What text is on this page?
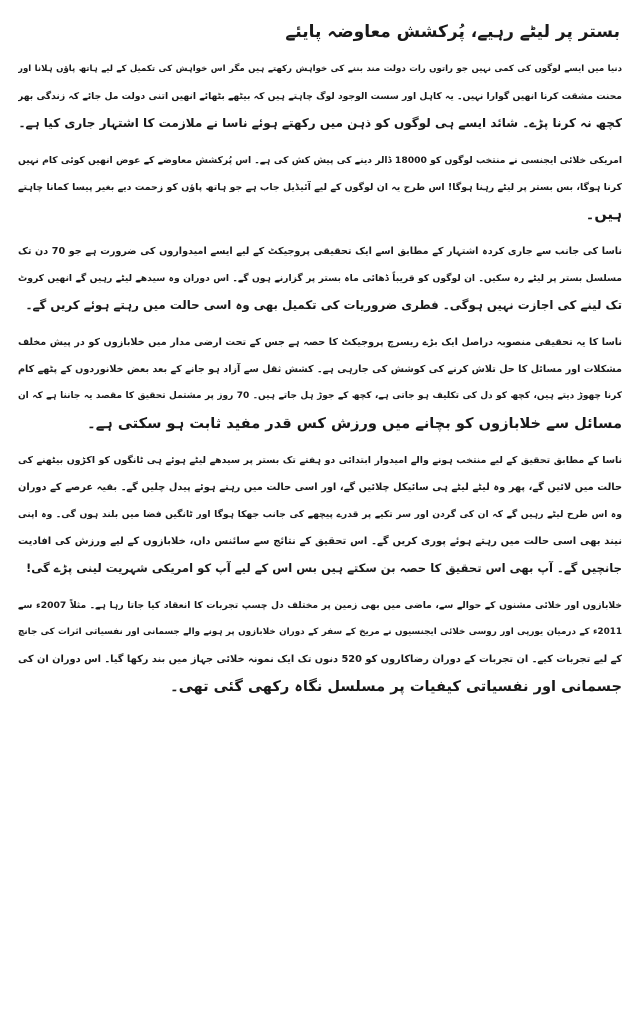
بستر پر لیٹے رہیے، پُرکشش معاوضہ پایئے
دنیا میں ایسے لوگوں کی کمی نہیں جو راتوں رات دولت مند بننے کی خواہش رکھتے ہیں مگر اس خواہش کی تکمیل کے لیے ہاتھ پاؤں ہلانا اور
محنت مشقت کرنا انھیں گوارا نہیں۔ یہ کاہل اور سست الوجود لوگ چاہتے ہیں کہ بیٹھے بٹھائے انھیں اتنی دولت مل جائے کہ زندگی بھر
کچھ نہ کرنا پڑے۔ شائد ایسے ہی لوگوں کو ذہن میں رکھتے ہوئے ناسا نے ملازمت کا اشتہار جاری کیا ہے۔
امریکی خلائی ایجنسی نے منتخب لوگوں کو 18000 ڈالر دینے کی پیش کش کی ہے۔ اس پُرکشش معاوضے کے عوض انھیں کوئی کام نہیں
کرنا ہوگا، بس بستر پر لیٹے رہنا ہوگا! اس طرح یہ ان لوگوں کے لیے آئیڈیل جاب ہے جو ہاتھ پاؤں کو زحمت دیے بغیر پیسا کمانا چاہتے
ہیں۔
ناسا کی جانب سے جاری کردہ اشتہار کے مطابق اسے ایک تحقیقی پروجیکٹ کے لیے ایسے امیدواروں کی ضرورت ہے جو 70 دن تک
مسلسل بستر پر لیٹے رہ سکیں۔ ان لوگوں کو قریباً ڈھائی ماہ بستر پر گزارنے ہوں گے۔ اس دوران وہ سیدھے لیٹے رہیں گے انھیں کروٹ
تک لینے کی اجازت نہیں ہوگی۔ فطری ضروریات کی تکمیل بھی وہ اسی حالت میں رہتے ہوئے کریں گے۔
ناسا کا یہ تحقیقی منصوبہ دراصل ایک بڑے ریسرچ پروجیکٹ کا حصہ ہے جس کے تحت ارضی مدار میں خلابازوں کو در پیش مخلف
مشکلات اور مسائل کا حل تلاش کرنے کی کوشش کی جارہی ہے۔ کشش ثقل سے آزاد ہو جانے کے بعد بعض خلانوردوں کے پٹھے کام
کرنا چھوڑ دیتے ہیں، کچھ کو دل کی تکلیف ہو جاتی ہے، کچھ کے جوڑ ہل جاتے ہیں۔ 70 روز پر مشتمل تحقیق کا مقصد یہ جاننا ہے کہ ان
مسائل سے خلابازوں کو بچانے میں ورزش کس قدر مفید ثابت ہو سکتی ہے۔
ناسا کے مطابق تحقیق کے لیے منتخب ہونے والے امیدوار ابتدائی دو ہفتے تک بستر پر سیدھے لیٹے ہوئے ہی ٹانگوں کو اکڑوں بیٹھنے کی
حالت میں لائیں گے، پھر وہ لیٹے لیٹے ہی سائیکل چلائیں گے، اور اسی حالت میں رہتے ہوئے پیدل چلیں گے۔ بقیہ عرصے کے دوران
وہ اس طرح لیٹے رہیں گے کہ ان کی گردن اور سر تکیے پر قدرے پیچھے کی جانب جھکا ہوگا اور ٹانگیں فضا میں بلند ہوں گی۔ وہ اپنی
نیند بھی اسی حالت میں رہتے ہوئے پوری کریں گے۔ اس تحقیق کے نتائج سے سائنس داں، خلابازوں کے لیے ورزش کی افادیت
جانچیں گے۔ آپ بھی اس تحقیق کا حصہ بن سکتے ہیں بس اس کے لیے آپ کو امریکی شہریت لینی پڑے گی!
خلابازوں اور خلائی مشنوں کے حوالے سے، ماضی میں بھی زمین پر مختلف دل چسپ تجربات کا انعقاد کیا جاتا رہا ہے۔ مثلاً 2007ء سے
2011ء کے درمیان یورپی اور روسی خلائی ایجنسیوں نے مریخ کے سفر کے دوران خلابازوں پر ہونے والے جسمانی اور نفسیاتی اثرات کی جانچ
کے لیے تجربات کیے۔ ان تجربات کے دوران رضاکاروں کو 520 دنوں تک ایک نمونہ خلائی جہاز میں بند رکھا گیا۔ اس دوران ان کی
جسمانی اور نفسیاتی کیفیات پر مسلسل نگاہ رکھی گئی تھی۔
